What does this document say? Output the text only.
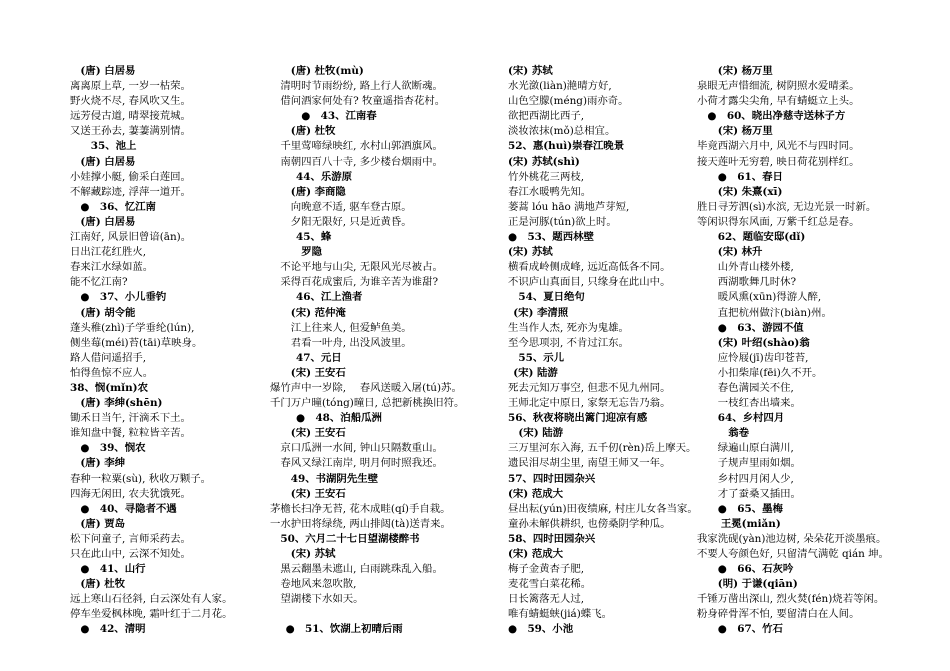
(唐) 白居易
离离原上草, 一岁一枯荣。
野火烧不尽, 春风吹又生。
远芳侵古道, 晴翠接荒城。
又送王孙去, 萋萋满别情。
35、池上
(唐) 白居易
小娃撑小艇, 偷采白莲回。
不解藏踪迹, 浮萍一道开。
●　36、忆江南
(唐) 白居易
江南好, 风景旧曾谙(ān)。
日出江花红胜火,
春来江水绿如蓝。
能不忆江南?
●　37、小儿垂钓
(唐) 胡令能
蓬头稚(zhì)子学垂纶(lún),
侧坐莓(méi)苔(tāi)草映身。
路人借问遥招手,
怕得鱼惊不应人。
38、悯(mǐn)农
(唐) 李绅(shēn)
锄禾日当午, 汗滴禾下土。
谁知盘中餐, 粒粒皆辛苦。
●　39、悯农
(唐) 李绅
春种一粒粟(sù), 秋收万颗子。
四海无闲田, 农夫犹饿死。
●　40、寻隐者不遇
(唐) 贾岛
松下问童子, 言师采药去。
只在此山中, 云深不知处。
●　41、山行
(唐) 杜牧
远上寒山石径斜, 白云深处有人家。
停车坐爱枫林晚, 霜叶红于二月花。
●　42、清明
(唐) 杜牧(mù)
清明时节雨纷纷, 路上行人欲断魂。
借问酒家何处有? 牧童遥指杏花村。
●　43、江南春
(唐) 杜牧
千里莺啼绿映红, 水村山郭酒旗风。
南朝四百八十寺, 多少楼台烟雨中。
44、乐游原
(唐) 李商隐
向晚意不适, 驱车登古原。
夕阳无限好, 只是近黄昏。
45、蜂
罗隐
不论平地与山尖, 无限风光尽被占。
采得百花成蜜后, 为谁辛苦为谁甜?
46、江上渔者
(宋) 范仲淹
江上往来人, 但爱鲈鱼美。
君看一叶舟, 出没风波里。
47、元日
(宋) 王安石
爆竹声中一岁除, 　春风送暖入屠(tú)苏。
千门万户曈(tóng)曈日, 总把新桃换旧符。
●　48、泊船瓜洲
(宋) 王安石
京口瓜洲一水间, 钟山只隔数重山。
春风又绿江南岸, 明月何时照我还。
49、书湖阴先生壁
(宋) 王安石
茅檐长扫净无苔, 花木成畦(qí)手自栽。
一水护田将绿绕, 两山排闼(tà)送青来。
50、六月二十七日望湖楼醉书
(宋) 苏轼
黑云翻墨未遮山, 白雨跳珠乱入船。
卷地风来忽吹散,
望湖楼下水如天。
●　51、饮湖上初晴后雨
(宋) 苏轼
水光潋(liàn)滟晴方好,
山色空朦(méng)雨亦奇。
欲把西湖比西子,
淡妆浓抹(mǒ)总相宜。
52、惠(huì)崇春江晚景
(宋) 苏轼(shì)
竹外桃花三两枝,
春江水暖鸭先知。
蒌蒿 lóu hāo 满地芦芽短,
正是河豚(tún)欲上时。
●　53、题西林壁
(宋) 苏轼
横看成岭侧成峰, 远近高低各不同。
不识庐山真面目, 只缘身在此山中。
54、夏日绝句
(宋) 李清照
生当作人杰, 死亦为鬼雄。
至今思项羽, 不肯过江东。
55、示儿
(宋) 陆游
死去元知万事空, 但悲不见九州同。
王师北定中原日, 家祭无忘告乃翁。
56、秋夜将晓出篱门迎凉有感
(宋) 陆游
三万里河东入海, 五千仞(rèn)岳上摩天。
遗民泪尽胡尘里, 南望王师又一年。
57、四时田园杂兴
(宋) 范成大
昼出耘(yún)田夜绩麻, 村庄儿女各当家。
童孙未解供耕织, 也傍桑阴学种瓜。
58、四时田园杂兴
(宋) 范成大
梅子金黄杏子肥,
麦花雪白菜花稀。
日长篱落无人过,
唯有蜻蜓蛱(jiá)蝶飞。
●　59、小池
(宋) 杨万里
泉眼无声惜细流, 树阴照水爱晴柔。
小荷才露尖尖角, 早有蜻蜓立上头。
●　60、晓出净慈寺送林子方
(宋) 杨万里
毕竟西湖六月中, 风光不与四时同。
接天莲叶无穷碧, 映日荷花别样红。
●　61、春日
(宋) 朱熹(xī)
胜日寻芳泗(sì)水滨, 无边光景一时新。
等闲识得东风面, 万紫千红总是春。
62、题临安邸(dǐ)
(宋) 林升
山外青山楼外楼,
西湖歌舞几时休?
暖风熏(xūn)得游人醉,
直把杭州做汴(biàn)州。
●　63、游园不值
(宋) 叶绍(shào)翁
应怜屐(jī)齿印苍苔,
小扣柴扉(fēi)久不开。
春色满园关不住,
一枝红杏出墙来。
64、乡村四月
翁卷
绿遍山原白满川,
子规声里雨如烟。
乡村四月闲人少,
才了蚕桑又插田。
●　65、墨梅
王冕(miǎn)
我家洗砚(yàn)池边树, 朵朵花开淡墨痕。
不要人夸颜色好, 只留清气满乾 qián 坤。
●　66、石灰吟
(明) 于谦(qiān)
千锤万凿出深山, 烈火焚(fén)烧若等闲。
粉身碎骨浑不怕, 要留清白在人间。
●　67、竹石
